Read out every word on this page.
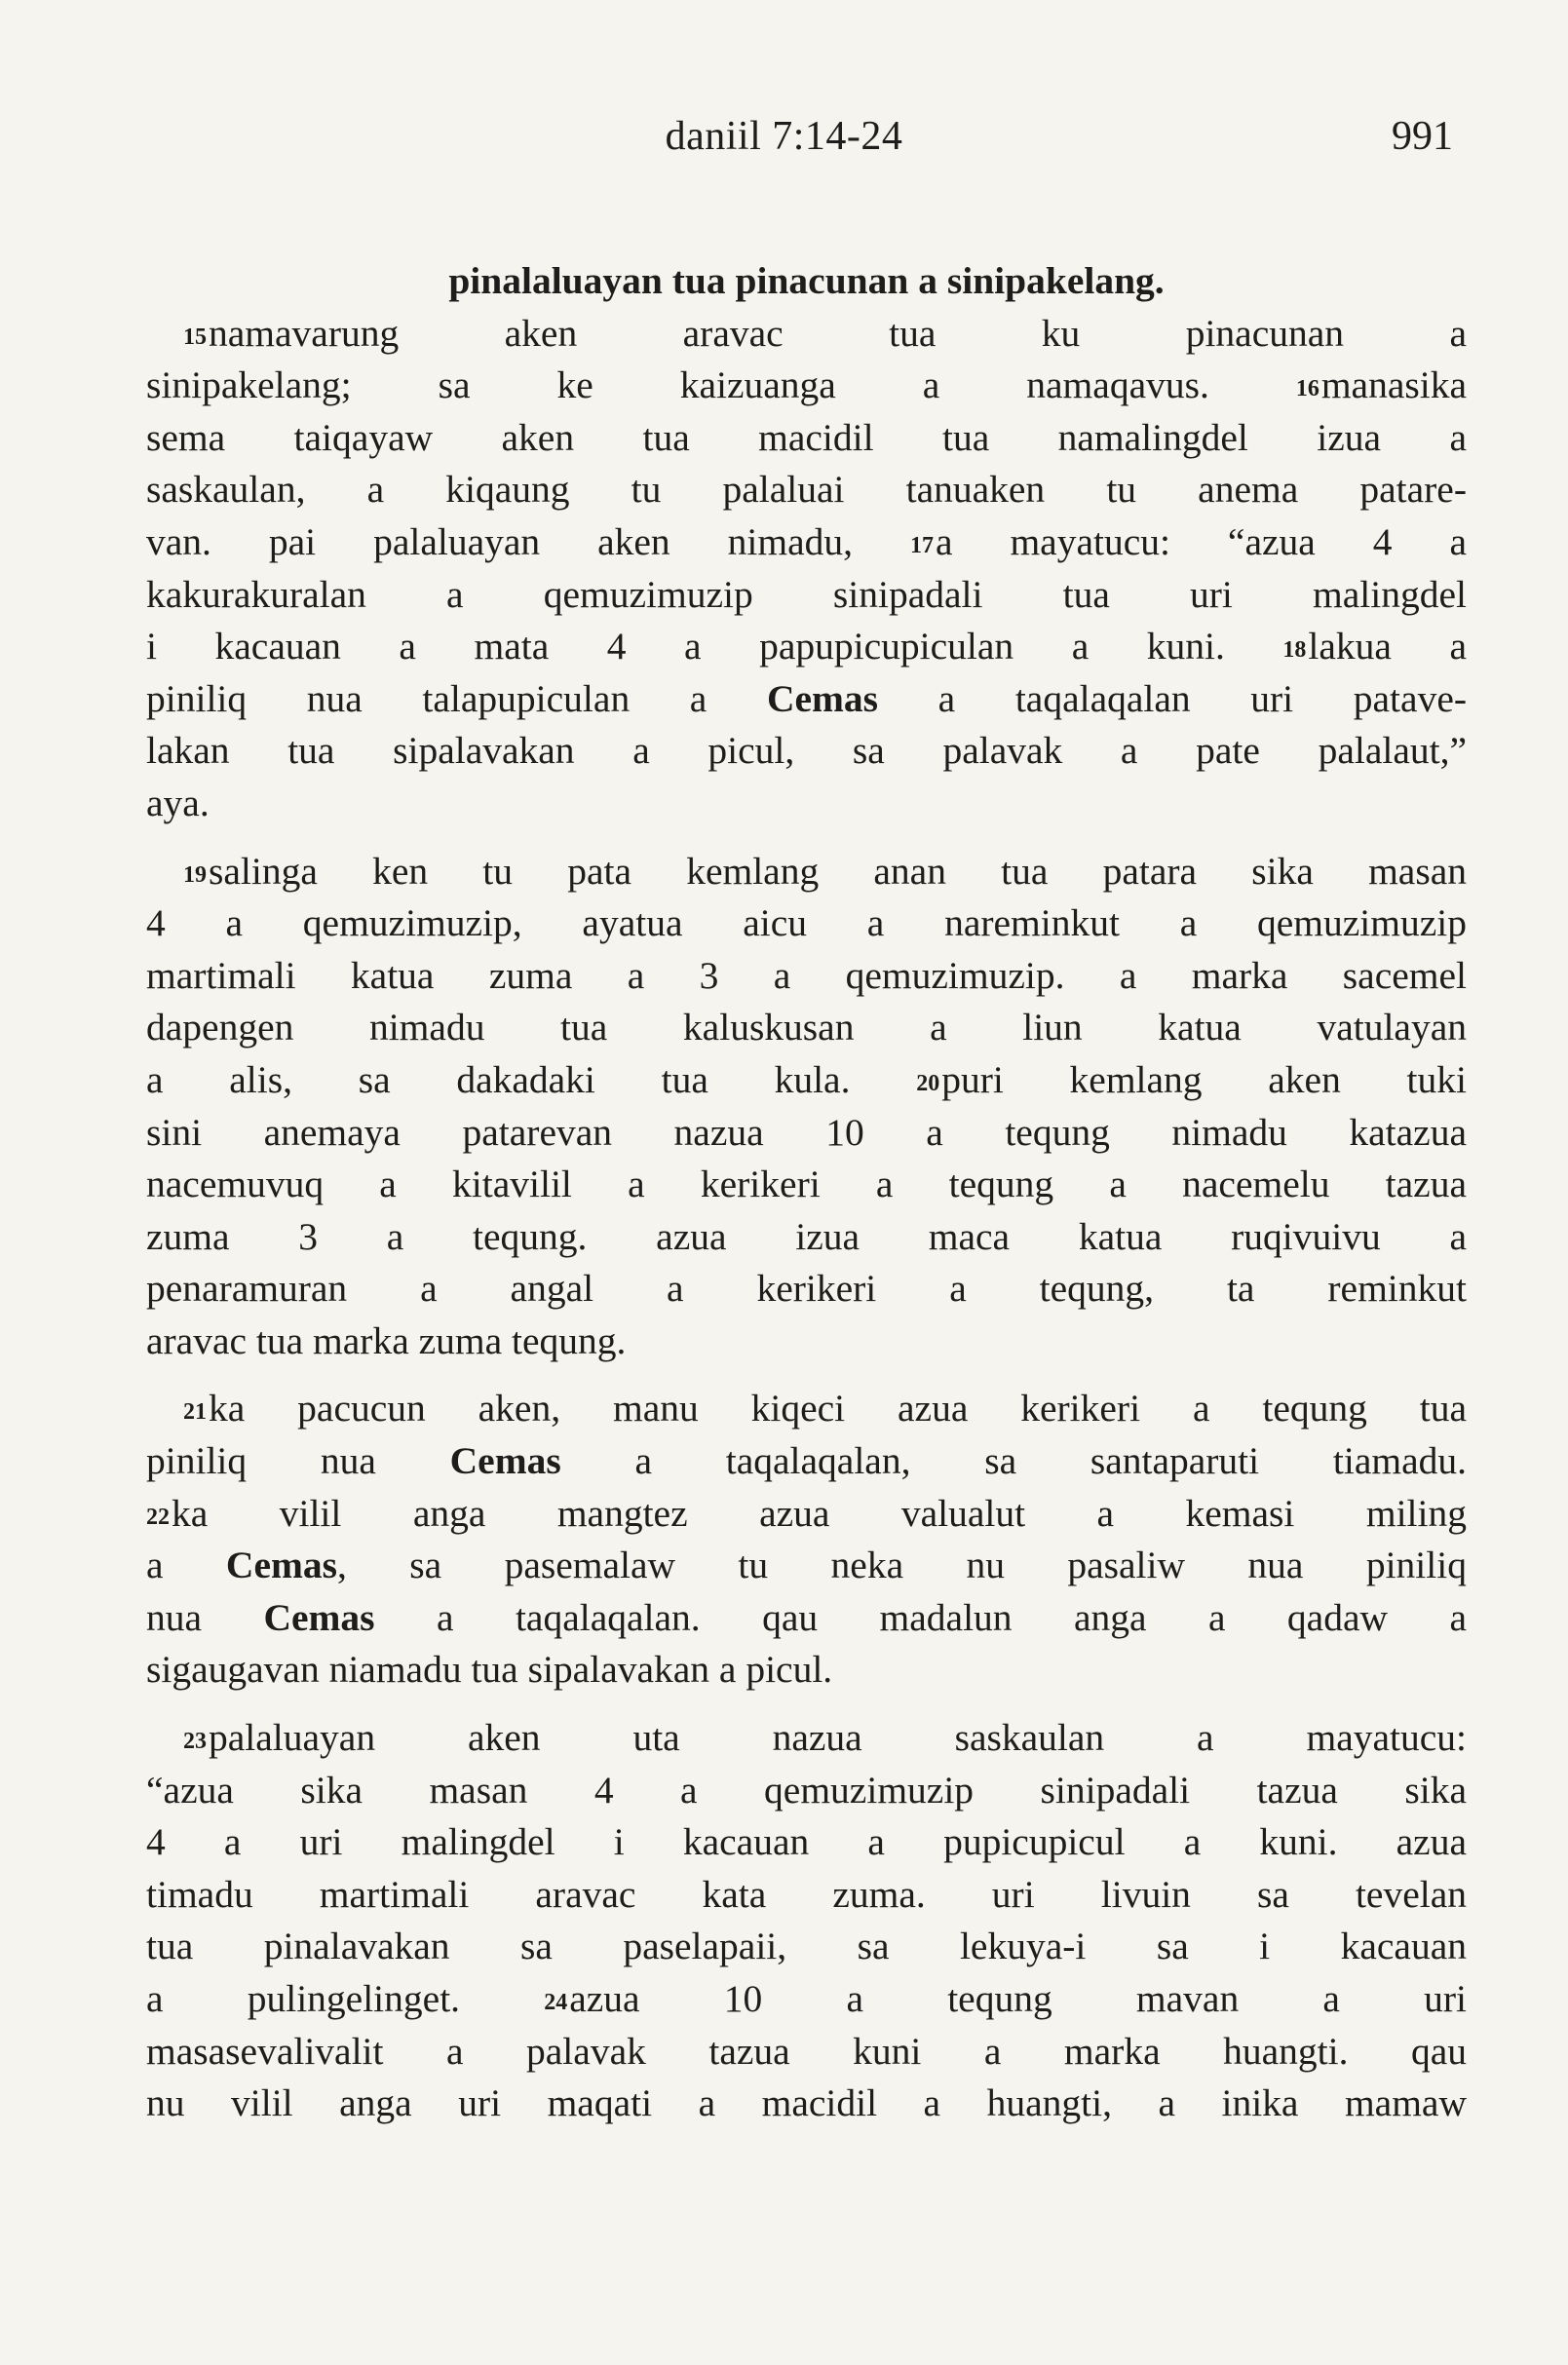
daniil 7:14-24	991
pinalaluayan tua pinacunan a sinipakelang.
$^{15}$namavarung aken aravac tua ku pinacunan a
sinipakelang; sa ke kaizuanga a namaqavus. $^{16}$manasika
sema taiqayaw aken tua macidil tua namalingdel izua a
saskaulan, a kiqaung tu palaluai tanuaken tu anema patare-
van. pai palaluayan aken nimadu, $^{17}$a mayatucu: “azua 4 a
kakurakuralan a qemuzimuzip sinipadali tua uri malingdel
i kacauan a mata 4 a papupicupiculan a kuni. $^{18}$lakua a
piniliq nua talapupiculan a Cemas a taqalaqalan uri patave-
lakan tua sipalavakan a picul, sa palavak a pate palalaut,”
aya.
$^{19}$salinga ken tu pata kemlang anan tua patara sika masan
4 a qemuzimuzip, ayatua aicu a nareminkut a qemuzimuzip
martimali katua zuma a 3 a qemuzimuzip. a marka sacemel
dapengen nimadu tua kaluskusan a liun katua vatulayan
a alis, sa dakadaki tua kula. $^{20}$puri kemlang aken tuki
sini anemaya patarevan nazua 10 a tequng nimadu katazua
nacemuvuq a kitavilil a kerikeri a tequng a nacemelu tazua
zuma 3 a tequng. azua izua maca katua ruqivuivu a
penaramuran a angal a kerikeri a tequng, ta reminkut
aravac tua marka zuma tequng.
$^{21}$ka pacucun aken, manu kiqeci azua kerikeri a tequng tua
piniliq nua Cemas a taqalaqalan, sa santaparuti tiamadu.
$^{22}$ka vilil anga mangtez azua valualut a kemasi miling
a Cemas, sa pasemalaw tu neka nu pasaliw nua piniliq
nua Cemas a taqalaqalan. qau madalun anga a qadaw a
sigaugavan niamadu tua sipalavakan a picul.
$^{23}$palaluayan aken uta nazua saskaulan a mayatucu:
“azua sika masan 4 a qemuzimuzip sinipadali tazua sika
4 a uri malingdel i kacauan a pupicupicul a kuni. azua
timadu martimali aravac kata zuma. uri livuin sa tevelan
tua pinalavakan sa paselapaii, sa lekuya-i sa i kacauan
a pulingelinget. $^{24}$azua 10 a tequng mavan a uri
masasevalivalit a palavak tazua kuni a marka huangti. qau
nu vilil anga uri maqati a macidil a huangti, a inika mamaw
